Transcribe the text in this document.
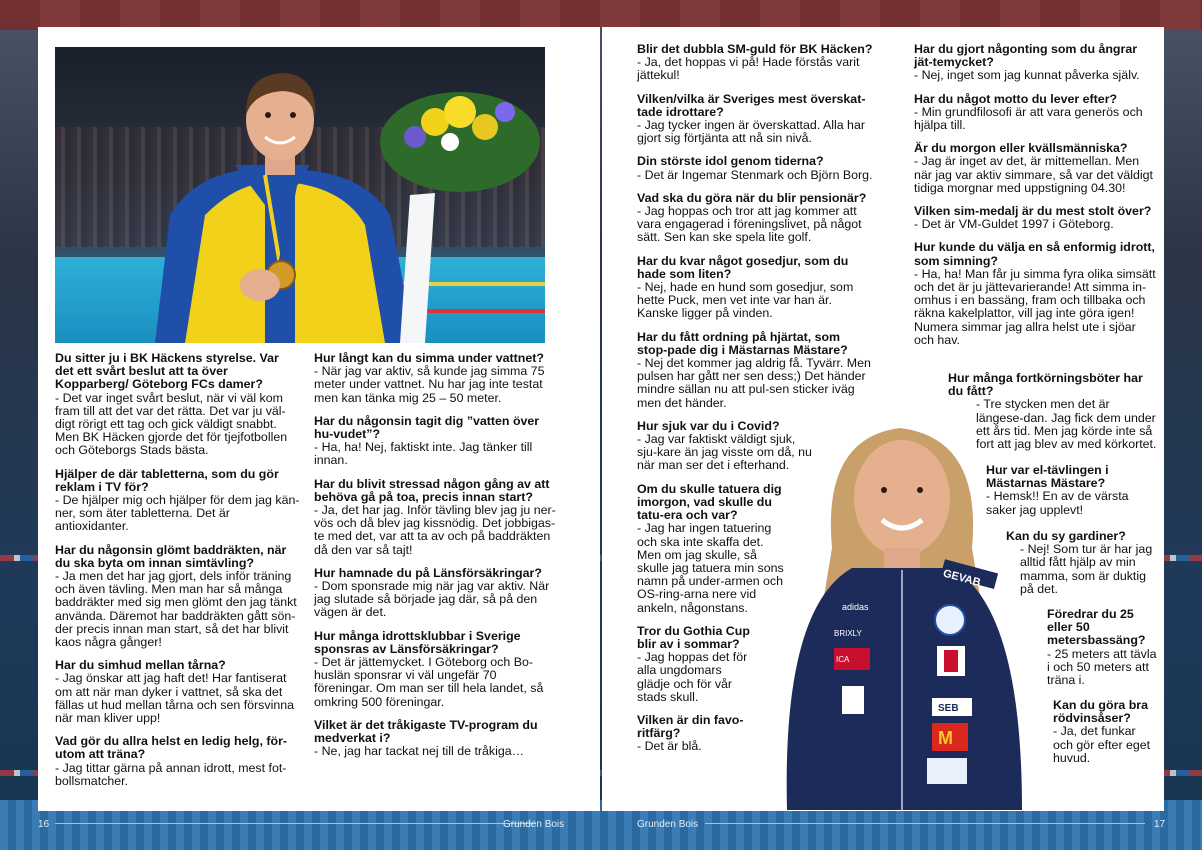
GEVAB
adidas
BRIXLY
ICA
SEB
M
Du sitter ju i BK Häckens styrelse. Var det ett svårt beslut att ta över Kopparberg/ Göteborg FCs damer?
- Det var inget svårt beslut, när vi väl kom fram till att det var det rätta. Det var ju väl-digt rörigt ett tag och gick väldigt snabbt. Men BK Häcken gjorde det för tjejfotbollen och Göteborgs Stads bästa.
Hjälper de där tabletterna, som du gör reklam i TV för?
- De hjälper mig och hjälper för dem jag kän-ner, som äter tabletterna. Det är antioxidanter.
Har du någonsin glömt baddräkten, när du ska byta om innan simtävling?
- Ja men det har jag gjort, dels inför träning och även tävling. Men man har så många baddräkter med sig men glömt den jag tänkt använda. Däremot har baddräkten gått sön-der precis innan man start, så det har blivit kaos några gånger!
Har du simhud mellan tårna?
- Jag önskar att jag haft det! Har fantiserat om att när man dyker i vattnet, så ska det fällas ut hud mellan tårna och sen försvinna när man kliver upp!
Vad gör du allra helst en ledig helg, för-utom att träna?
- Jag tittar gärna på annan idrott, mest fot-bollsmatcher.
Hur långt kan du simma under vattnet?
- När jag var aktiv, så kunde jag simma 75 meter under vattnet. Nu har jag inte testat men kan tänka mig 25 – 50 meter.
Har du någonsin tagit dig ”vatten över hu-vudet”?
- Ha, ha! Nej, faktiskt inte. Jag tänker till innan.
Har du blivit stressad någon gång av att behöva gå på toa, precis innan start?
- Ja, det har jag. Inför tävling blev jag ju ner-vös och då blev jag kissnödig. Det jobbigas-te med det, var att ta av och på baddräkten då den var så tajt!
Hur hamnade du på Länsförsäkringar?
- Dom sponsrade mig när jag var aktiv. När jag slutade så började jag där, så på den vägen är det.
Hur många idrottsklubbar i Sverige sponsras av Länsförsäkringar?
- Det är jättemycket. I Göteborg och Bo-huslän sponsrar vi väl ungefär 70 föreningar. Om man ser till hela landet, så omkring 500 föreningar.
Vilket är det tråkigaste TV-program du medverkat i?
- Ne, jag har tackat nej till de tråkiga…
Blir det dubbla SM-guld för BK Häcken?
- Ja, det hoppas vi på! Hade förstås varit jättekul!
Vilken/vilka är Sveriges mest överskat-tade idrottare?
- Jag tycker ingen är överskattad. Alla har gjort sig förtjänta att nå sin nivå.
Din störste idol genom tiderna?
- Det är Ingemar Stenmark och Björn Borg.
Vad ska du göra när du blir pensionär?
- Jag hoppas och tror att jag kommer att vara engagerad i föreningslivet, på något sätt. Sen kan ske spela lite golf.
Har du kvar något gosedjur, som du hade som liten?
- Nej, hade en hund som gosedjur, som hette Puck, men vet inte var han är. Kanske ligger på vinden.
Har du fått ordning på hjärtat, som stop-pade dig i Mästarnas Mästare?
- Nej det kommer jag aldrig få. Tyvärr. Men pulsen har gått ner sen dess;) Det händer mindre sällan nu att pul-sen sticker iväg men det händer.
Hur sjuk var du i Covid?
- Jag var faktiskt väldigt sjuk, sju-kare än jag visste om då, nu när man ser det i efterhand.
Om du skulle tatuera dig imorgon, vad skulle du tatu-era och var?
- Jag har ingen tatuering och ska inte skaffa det. Men om jag skulle, så skulle jag tatuera min sons namn på under-armen och OS-ring-arna nere vid ankeln, någonstans.
Tror du Gothia Cup blir av i sommar?
- Jag hoppas det för alla ungdomars glädje och för vår stads skull.
Vilken är din favo-ritfärg?
- Det är blå.
Har du gjort någonting som du ångrar jät-temycket?
- Nej, inget som jag kunnat påverka själv.
Har du något motto du lever efter?
- Min grundfilosofi är att vara generös och hjälpa till.
Är du morgon eller kvällsmänniska?
- Jag är inget av det, är mittemellan. Men när jag var aktiv simmare, så var det väldigt tidiga morgnar med uppstigning 04.30!
Vilken sim-medalj är du mest stolt över?
- Det är VM-Guldet 1997 i Göteborg.
Hur kunde du välja en så enformig idrott, som simning?
- Ha, ha! Man får ju simma fyra olika simsätt och det är ju jättevarierande! Att simma in-omhus i en bassäng, fram och tillbaka och räkna kakelplattor, vill jag inte göra igen! Numera simmar jag allra helst ute i sjöar och hav.
Hur många fortkörningsböter har du fått?
- Tre stycken men det är längese-dan. Jag fick dem under ett års tid. Men jag körde inte så fort att jag blev av med körkortet.
Hur var el-tävlingen i Mästarnas Mästare?
- Hemsk!! En av de värsta saker jag upplevt!
Kan du sy gardiner?
- Nej! Som tur är har jag alltid fått hjälp av min mamma, som är duktig på det.
Föredrar du 25 eller 50 metersbassäng?
- 25 meters att tävla i och 50 meters att träna i.
Kan du göra bra rödvinsåser?
- Ja, det funkar och gör efter eget huvud.
16	Grunden Bois	Grunden Bois	17
